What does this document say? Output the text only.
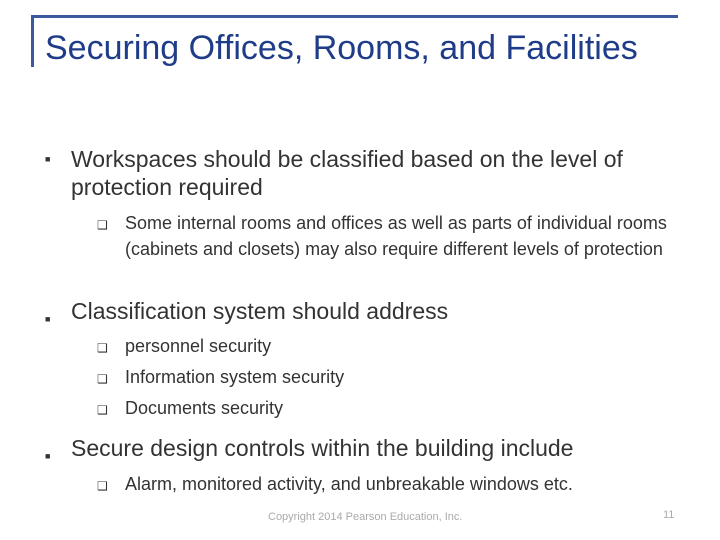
Securing Offices, Rooms, and Facilities
■ Workspaces should be classified based on the level of protection required
❑ Some internal rooms and offices as well as parts of individual rooms (cabinets and closets) may also require different levels of protection
■ Classification system should address
❑ personnel security
❑ Information system security
❑ Documents security
■ Secure design controls within the building include
❑ Alarm, monitored activity, and unbreakable windows etc.
Copyright 2014 Pearson Education, Inc.	11
